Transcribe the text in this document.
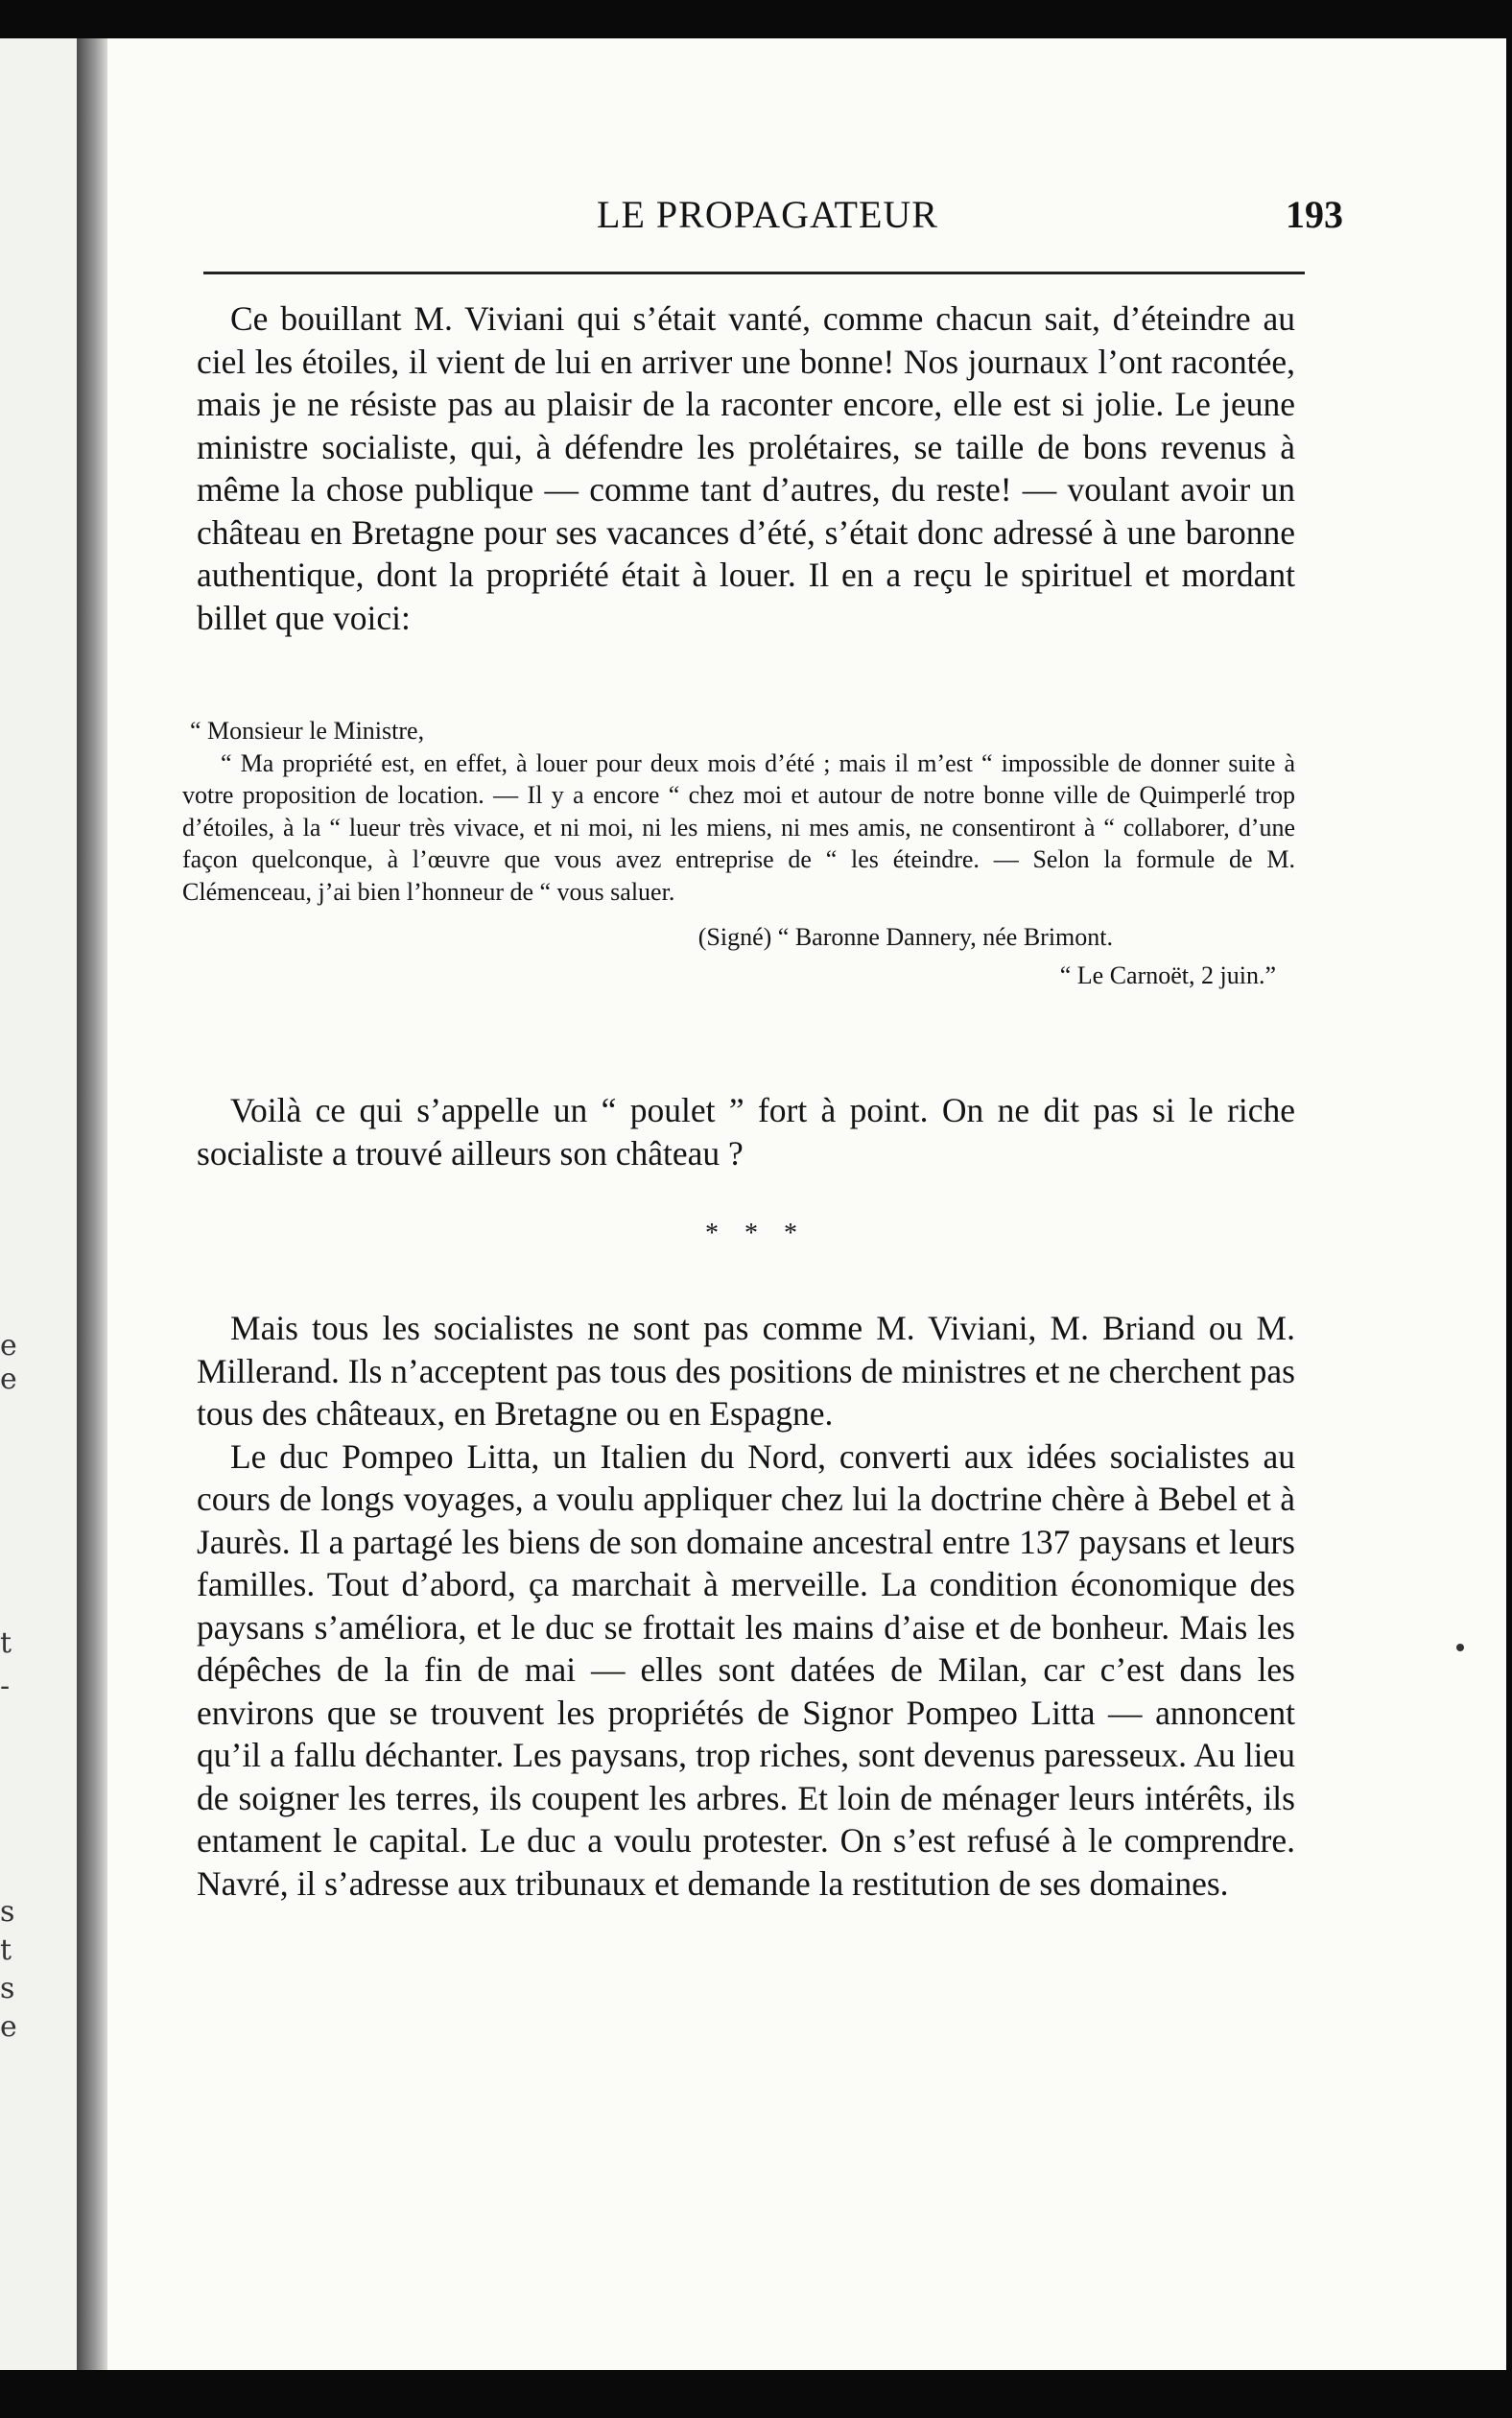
e
e
t
-
s
t
s
e
LE PROPAGATEUR	193

Ce bouillant M. Viviani qui s’était vanté, comme chacun sait, d’éteindre au ciel les étoiles, il vient de lui en arriver une bonne! Nos journaux l’ont racontée, mais je ne résiste pas au plaisir de la raconter encore, elle est si jolie. Le jeune ministre socialiste, qui, à défendre les prolétaires, se taille de bons revenus à même la chose publique — comme tant d’autres, du reste! — voulant avoir un château en Bretagne pour ses vacances d’été, s’était donc adressé à une baronne authentique, dont la propriété était à louer. Il en a reçu le spirituel et mordant billet que voici:

“ Monsieur le Ministre,

“ Ma propriété est, en effet, à louer pour deux mois d’été ; mais il m’est “ impossible de donner suite à votre proposition de location. — Il y a encore “ chez moi et autour de notre bonne ville de Quimperlé trop d’étoiles, à la “ lueur très vivace, et ni moi, ni les miens, ni mes amis, ne consentiront à “ collaborer, d’une façon quelconque, à l’œuvre que vous avez entreprise de “ les éteindre. — Selon la formule de M. Clémenceau, j’ai bien l’honneur de “ vous saluer.

(Signé) “ Baronne Dannery, née Brimont.

“ Le Carnoët, 2 juin.”

Voilà ce qui s’appelle un “ poulet ” fort à point. On ne dit pas si le riche socialiste a trouvé ailleurs son château ?

* * *

Mais tous les socialistes ne sont pas comme M. Viviani, M. Briand ou M. Millerand. Ils n’acceptent pas tous des positions de ministres et ne cherchent pas tous des châteaux, en Bretagne ou en Espagne.

Le duc Pompeo Litta, un Italien du Nord, converti aux idées socialistes au cours de longs voyages, a voulu appliquer chez lui la doctrine chère à Bebel et à Jaurès. Il a partagé les biens de son domaine ancestral entre 137 paysans et leurs familles. Tout d’abord, ça marchait à merveille. La condition économique des paysans s’améliora, et le duc se frottait les mains d’aise et de bonheur. Mais les dépêches de la fin de mai — elles sont datées de Milan, car c’est dans les environs que se trouvent les propriétés de Signor Pompeo Litta — annoncent qu’il a fallu déchanter. Les paysans, trop riches, sont devenus paresseux. Au lieu de soigner les terres, ils coupent les arbres. Et loin de ménager leurs intérêts, ils entament le capital. Le duc a voulu protester. On s’est refusé à le comprendre. Navré, il s’adresse aux tribunaux et demande la restitution de ses domaines.
